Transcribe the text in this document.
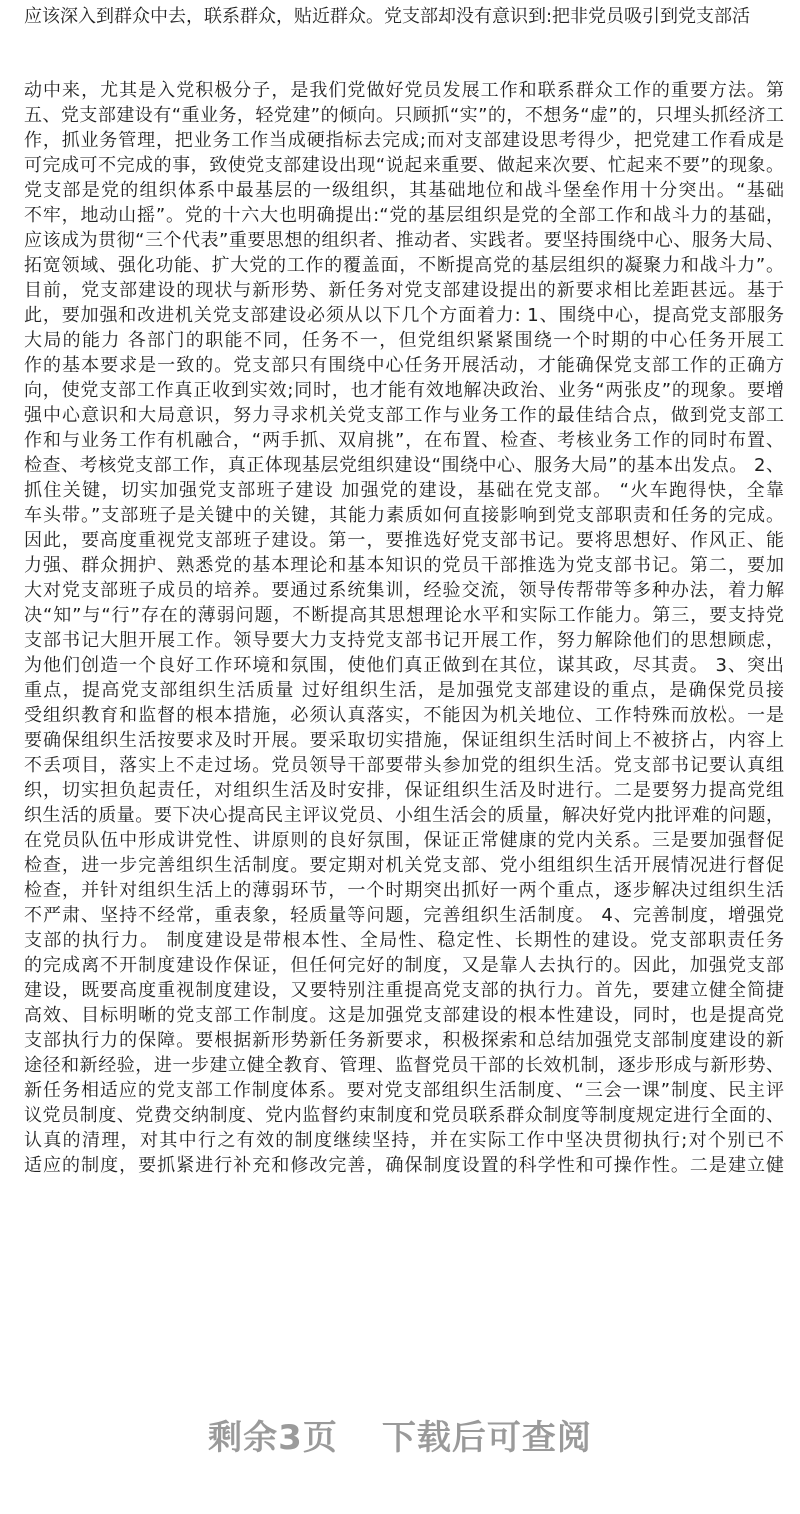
应该深入到群众中去，联系群众，贴近群众。党支部却没有意识到:把非党员吸引到党支部活
动中来，尤其是入党积极分子，是我们党做好党员发展工作和联系群众工作的重要方法。第
五、党支部建设有“重业务，轻党建”的倾向。只顾抓“实”的，不想务“虚”的，只埋头抓经济工
作，抓业务管理，把业务工作当成硬指标去完成;而对支部建设思考得少，把党建工作看成是
可完成可不完成的事，致使党支部建设出现“说起来重要、做起来次要、忙起来不要”的现象。
党支部是党的组织体系中最基层的一级组织，其基础地位和战斗堡垒作用十分突出。“基础
不牢，地动山摇”。党的十六大也明确提出:“党的基层组织是党的全部工作和战斗力的基础，
应该成为贯彻“三个代表”重要思想的组织者、推动者、实践者。要坚持围绕中心、服务大局、
拓宽领域、强化功能、扩大党的工作的覆盖面，不断提高党的基层组织的凝聚力和战斗力”。
目前，党支部建设的现状与新形势、新任务对党支部建设提出的新要求相比差距甚远。基于
此，要加强和改进机关党支部建设必须从以下几个方面着力: 1、围绕中心，提高党支部服务
大局的能力 各部门的职能不同，任务不一，但党组织紧紧围绕一个时期的中心任务开展工
作的基本要求是一致的。党支部只有围绕中心任务开展活动，才能确保党支部工作的正确方
向，使党支部工作真正收到实效;同时，也才能有效地解决政治、业务“两张皮”的现象。要增
强中心意识和大局意识，努力寻求机关党支部工作与业务工作的最佳结合点，做到党支部工
作和与业务工作有机融合，“两手抓、双肩挑”，在布置、检查、考核业务工作的同时布置、
检查、考核党支部工作，真正体现基层党组织建设“围绕中心、服务大局”的基本出发点。 2、
抓住关键，切实加强党支部班子建设 加强党的建设，基础在党支部。 “火车跑得快，全靠
车头带。”支部班子是关键中的关键，其能力素质如何直接影响到党支部职责和任务的完成。
因此，要高度重视党支部班子建设。第一，要推选好党支部书记。要将思想好、作风正、能
力强、群众拥护、熟悉党的基本理论和基本知识的党员干部推选为党支部书记。第二，要加
大对党支部班子成员的培养。要通过系统集训，经验交流，领导传帮带等多种办法，着力解
决“知”与“行”存在的薄弱问题，不断提高其思想理论水平和实际工作能力。第三，要支持党
支部书记大胆开展工作。领导要大力支持党支部书记开展工作，努力解除他们的思想顾虑，
为他们创造一个良好工作环境和氛围，使他们真正做到在其位，谋其政，尽其责。 3、突出
重点，提高党支部组织生活质量 过好组织生活，是加强党支部建设的重点，是确保党员接
受组织教育和监督的根本措施，必须认真落实，不能因为机关地位、工作特殊而放松。一是
要确保组织生活按要求及时开展。要采取切实措施，保证组织生活时间上不被挤占，内容上
不丢项目，落实上不走过场。党员领导干部要带头参加党的组织生活。党支部书记要认真组
织，切实担负起责任，对组织生活及时安排，保证组织生活及时进行。二是要努力提高党组
织生活的质量。要下决心提高民主评议党员、小组生活会的质量，解决好党内批评难的问题，
在党员队伍中形成讲党性、讲原则的良好氛围，保证正常健康的党内关系。三是要加强督促
检查，进一步完善组织生活制度。要定期对机关党支部、党小组组织生活开展情况进行督促
检查，并针对组织生活上的薄弱环节，一个时期突出抓好一两个重点，逐步解决过组织生活
不严肃、坚持不经常，重表象，轻质量等问题，完善组织生活制度。 4、完善制度，增强党
支部的执行力。 制度建设是带根本性、全局性、稳定性、长期性的建设。党支部职责任务
的完成离不开制度建设作保证，但任何完好的制度，又是靠人去执行的。因此，加强党支部
建设，既要高度重视制度建设，又要特别注重提高党支部的执行力。首先，要建立健全简捷
高效、目标明晰的党支部工作制度。这是加强党支部建设的根本性建设，同时，也是提高党
支部执行力的保障。要根据新形势新任务新要求，积极探索和总结加强党支部制度建设的新
途径和新经验，进一步建立健全教育、管理、监督党员干部的长效机制，逐步形成与新形势、
新任务相适应的党支部工作制度体系。要对党支部组织生活制度、“三会一课”制度、民主评
议党员制度、党费交纳制度、党内监督约束制度和党员联系群众制度等制度规定进行全面的、
认真的清理，对其中行之有效的制度继续坚持，并在实际工作中坚决贯彻执行;对个别已不
适应的制度，要抓紧进行补充和修改完善，确保制度设置的科学性和可操作性。二是建立健
剩余3页 下载后可查阅
